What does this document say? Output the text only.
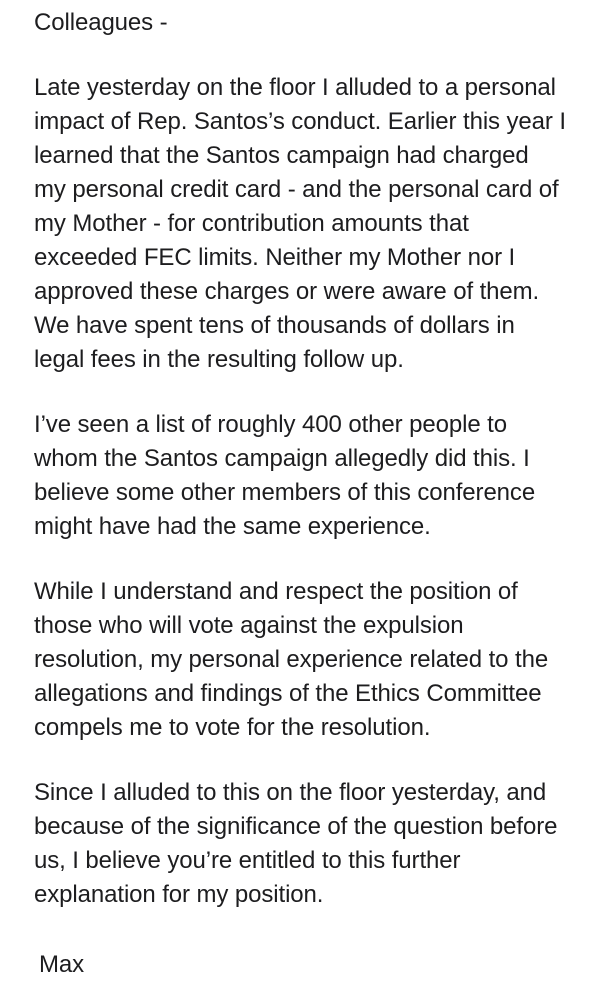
Colleagues -
Late yesterday on the floor I alluded to a personal
impact of Rep. Santos’s conduct. Earlier this year I
learned that the Santos campaign had charged
my personal credit card - and the personal card of
my Mother - for contribution amounts that
exceeded FEC limits. Neither my Mother nor I
approved these charges or were aware of them.
We have spent tens of thousands of dollars in
legal fees in the resulting follow up.
I’ve seen a list of roughly 400 other people to
whom the Santos campaign allegedly did this. I
believe some other members of this conference
might have had the same experience.
While I understand and respect the position of
those who will vote against the expulsion
resolution, my personal experience related to the
allegations and findings of the Ethics Committee
compels me to vote for the resolution.
Since I alluded to this on the floor yesterday, and
because of the significance of the question before
us, I believe you’re entitled to this further
explanation for my position.
Max
